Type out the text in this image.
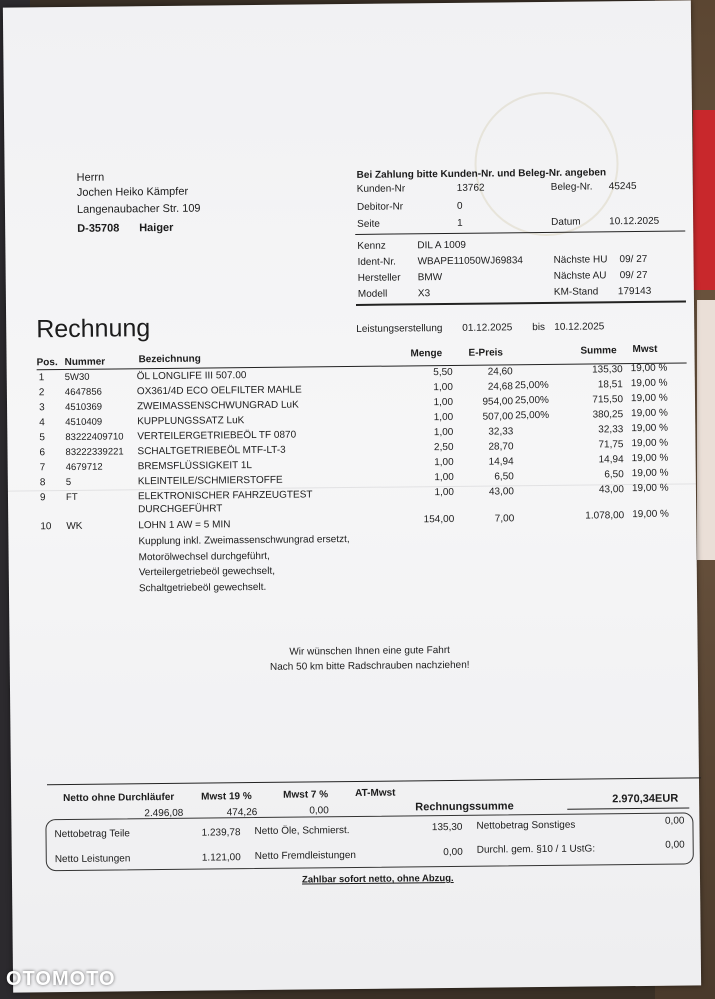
Herrn
Jochen Heiko Kämpfer
Langenaubacher Str. 109
D-35708 Haiger
Bei Zahlung bitte Kunden-Nr. und Beleg-Nr. angeben
Kunden-Nr	13762	Beleg-Nr. 45245
Debitor-Nr	0
Seite	1	Datum	10.12.2025
Kennz	DIL A 1009
Ident-Nr. WBAPE11050WJ69834
Hersteller BMW
Modell	X3
Nächste HU 09/ 27
Nächste AU 09/ 27
KM-Stand 179143
Rechnung	Leistungserstellung 01.12.2025 bis 10.12.2025
Pos. Nummer	Bezeichnung	Menge	E-Preis	Summe Mwst
1 5W30	ÖL LONGLIFE III 507.00	5,50	24,60	135,30 19,00 %
2 4647856	OX361/4D ECO OELFILTER MAHLE	1,00	24,68 25,00%	18,51 19,00 %
3 4510369	ZWEIMASSENSCHWUNGRAD LuK	1,00	954,00 25,00%	715,50 19,00 %
4 4510409	KUPPLUNGSSATZ LuK	1,00	507,00 25,00%	380,25 19,00 %
5 83222409710 VERTEILERGETRIEBEÖL TF 0870	1,00	32,33	32,33 19,00 %
6 83222339221 SCHALTGETRIEBEÖL MTF-LT-3	2,50	28,70	71,75 19,00 %
7 4679712	BREMSFLÜSSIGKEIT 1L	1,00	14,94	14,94 19,00 %
8 5	KLEINTEILE/SCHMIERSTOFFE	1,00	6,50	6,50 19,00 %
9 FT	ELEKTRONISCHER FAHRZEUGTEST	1,00	43,00	43,00 19,00 %
DURCHGEFÜHRT
10 WK	LOHN 1 AW = 5 MIN	154,00	7,00	1.078,00 19,00 %
Kupplung inkl. Zweimassenschwungrad ersetzt,
Motorölwechsel durchgeführt,
Verteilergetriebeöl gewechselt,
Schaltgetriebeöl gewechselt.
Wir wünschen Ihnen eine gute Fahrt
Nach 50 km bitte Radschrauben nachziehen!
Netto ohne Durchläufer
2.496,08
Mwst 19 %
474,26
Mwst 7 %
0,00
AT-Mwst
Rechnungssumme
2.970,34EUR
Nettobetrag Teile	1.239,78 Netto Öle, Schmierst.	135,30 Nettobetrag Sonstiges	0,00
Netto Leistungen	1.121,00 Netto Fremdleistungen	0,00 Durchl. gem. §10 / 1 UstG:	0,00
Zahlbar sofort netto, ohne Abzug.
OTOMOTO
